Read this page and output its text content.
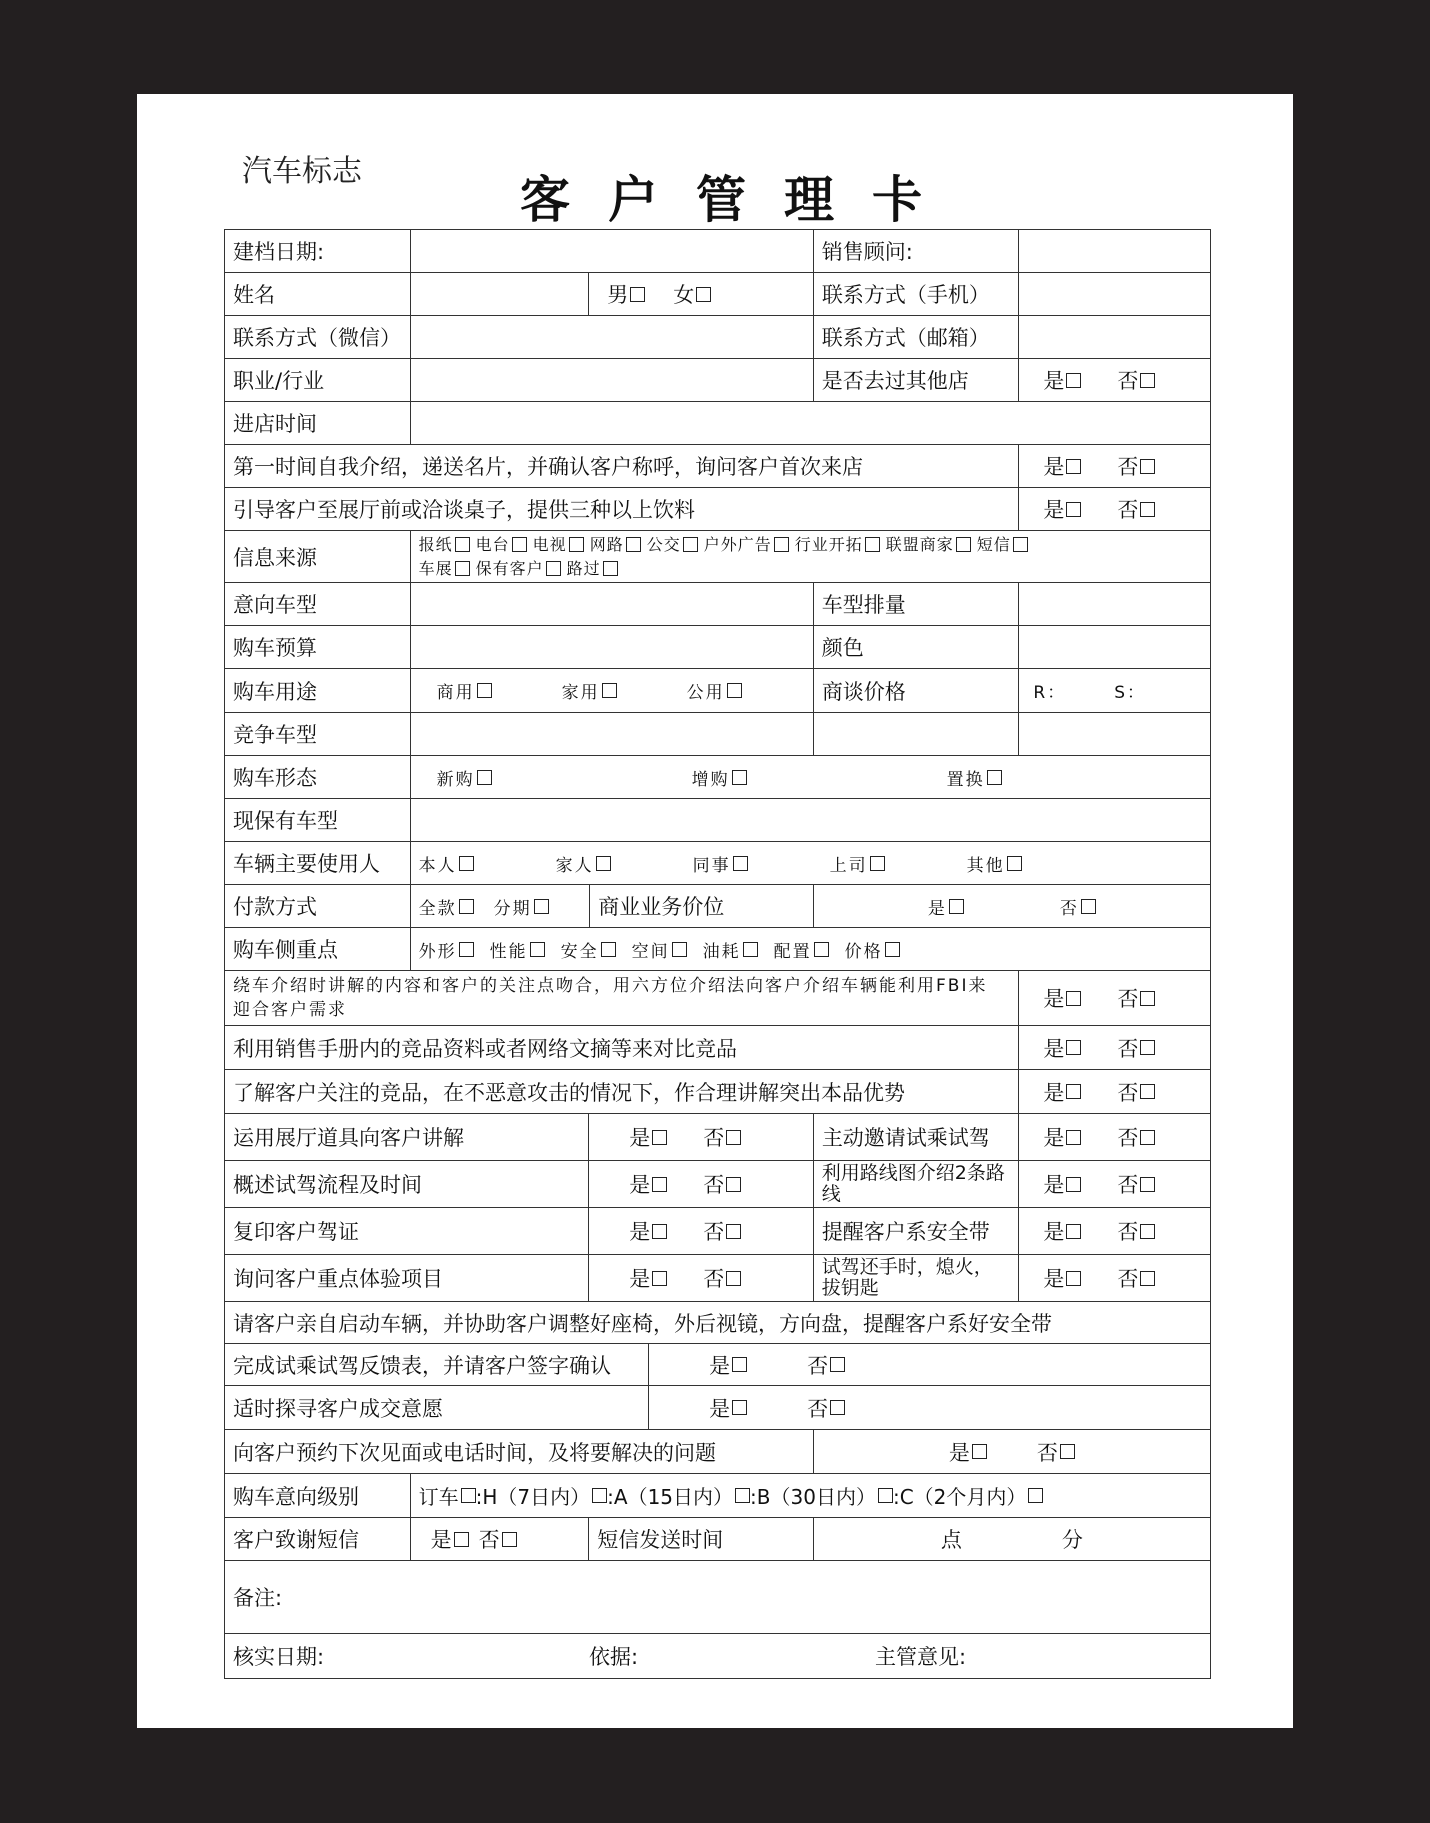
汽车标志	客户管理卡
建档日期:	销售顾问:
姓名	男 女	联系方式（手机）
联系方式（微信）	联系方式（邮箱）
职业/行业	是否去过其他店	是	否
进店时间
第一时间自我介绍，递送名片，并确认客户称呼，询问客户首次来店	是	否
引导客户至展厅前或洽谈桌子，提供三种以上饮料	是	否
信息来源
报纸 电台 电视 网路 公交 户外广告 行业开拓 联盟商家 短信
车展 保有客户 路过
意向车型	车型排量
购车预算	颜色
购车用途	商用	家用	公用	商谈价格	R：	S：
竞争车型
购车形态	新购	增购	置换
现保有车型
车辆主要使用人	本人	家人	同事	上司	其他
付款方式	全款 分期	商业业务价位	是	否
购车侧重点	外形 性能 安全 空间 油耗 配置 价格
绕车介绍时讲解的内容和客户的关注点吻合，用六方位介绍法向客户介绍车辆能利用FBI来迎合客户需求	是	否
利用销售手册内的竞品资料或者网络文摘等来对比竞品	是	否
了解客户关注的竞品，在不恶意攻击的情况下，作合理讲解突出本品优势	是	否
运用展厅道具向客户讲解	是	否	主动邀请试乘试驾	是	否
概述试驾流程及时间	是	否	利用路线图介绍2条路线	是	否
复印客户驾证	是	否	提醒客户系安全带	是	否
询问客户重点体验项目	是	否	试驾还手时，熄火，拔钥匙	是	否
请客户亲自启动车辆，并协助客户调整好座椅，外后视镜，方向盘，提醒客户系好安全带
完成试乘试驾反馈表，并请客户签字确认	是	否
适时探寻客户成交意愿	是	否
向客户预约下次见面或电话时间，及将要解决的问题	是	否
购车意向级别	订车 :H（7日内） :A（15日内） :B（30日内） :C（2个月内）
客户致谢短信	是 否	短信发送时间	点	分
备注:
核实日期:	依据:	主管意见:
